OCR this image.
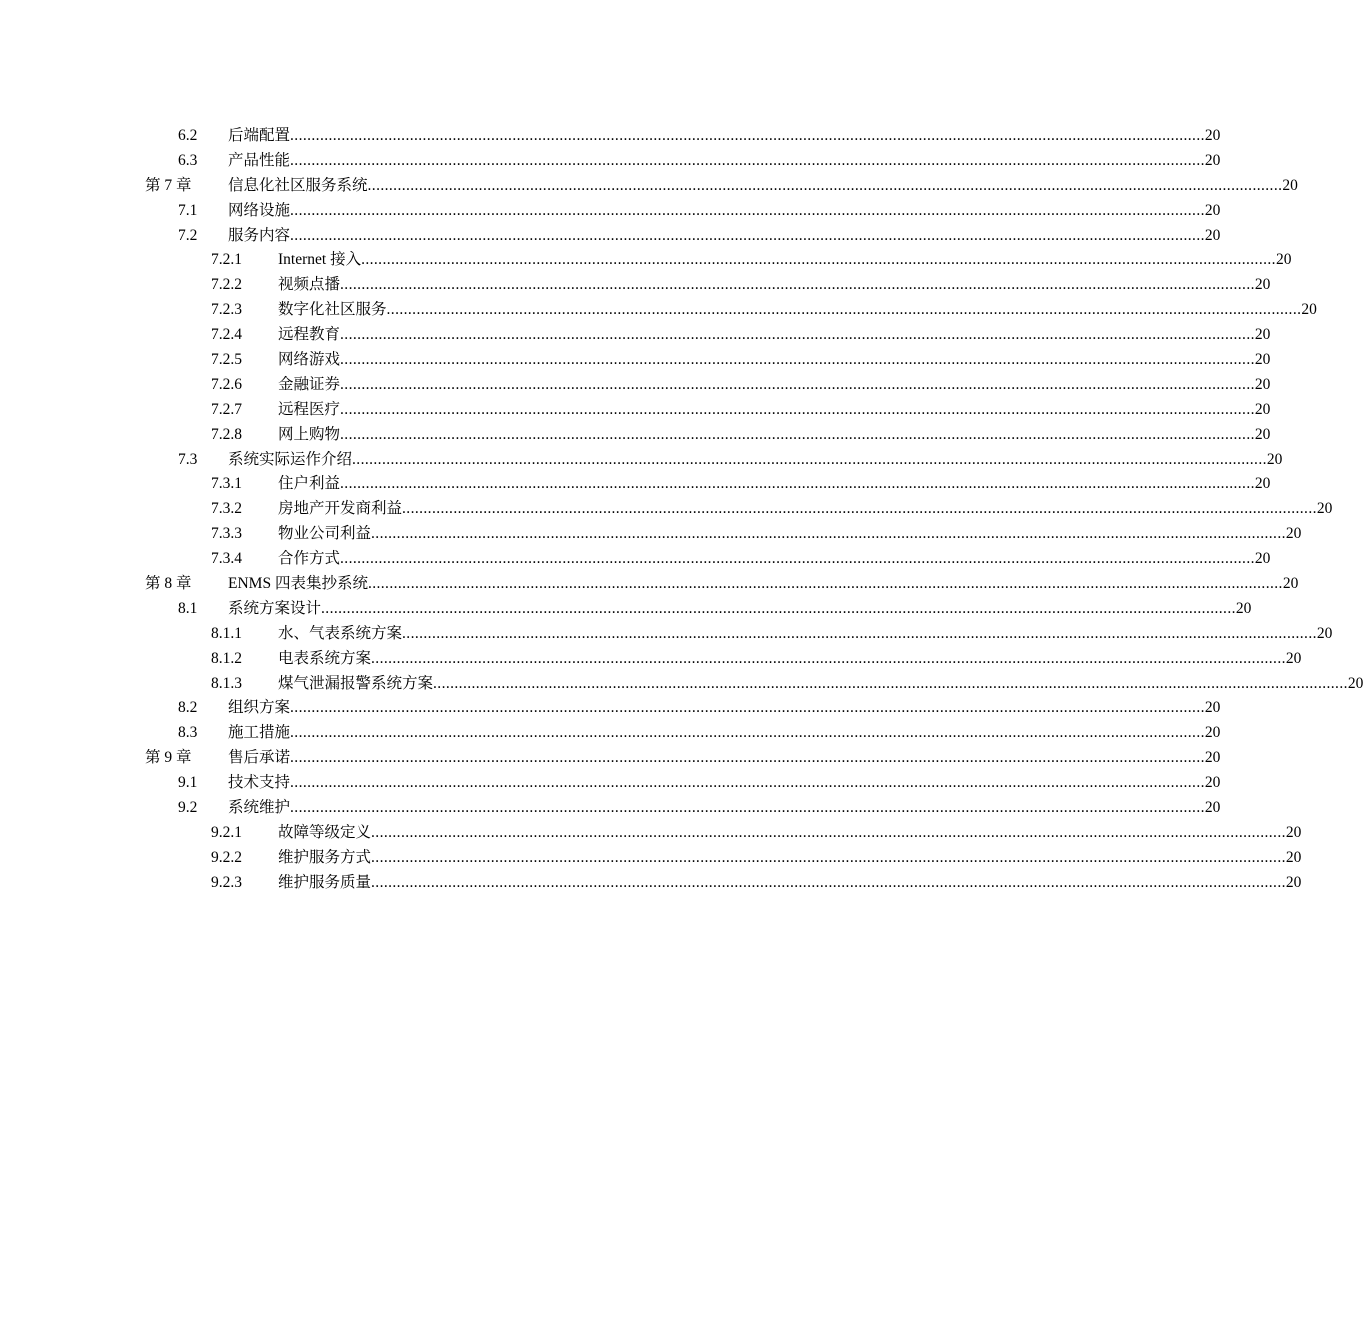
6.2 后端配置 ...................................................................................................................................................................................................................... 20
6.3 产品性能 ...................................................................................................................................................................................................................... 20
第 7 章 信息化社区服务系统 ...................................................................................................................................................................................................................... 20
7.1 网络设施 ...................................................................................................................................................................................................................... 20
7.2 服务内容 ...................................................................................................................................................................................................................... 20
7.2.1 Internet 接入 ...................................................................................................................................................................................................................... 20
7.2.2 视频点播 ...................................................................................................................................................................................................................... 20
7.2.3 数字化社区服务 ...................................................................................................................................................................................................................... 20
7.2.4 远程教育 ...................................................................................................................................................................................................................... 20
7.2.5 网络游戏 ...................................................................................................................................................................................................................... 20
7.2.6 金融证券 ...................................................................................................................................................................................................................... 20
7.2.7 远程医疗 ...................................................................................................................................................................................................................... 20
7.2.8 网上购物 ...................................................................................................................................................................................................................... 20
7.3 系统实际运作介绍 ...................................................................................................................................................................................................................... 20
7.3.1 住户利益 ...................................................................................................................................................................................................................... 20
7.3.2 房地产开发商利益 ...................................................................................................................................................................................................................... 20
7.3.3 物业公司利益 ...................................................................................................................................................................................................................... 20
7.3.4 合作方式 ...................................................................................................................................................................................................................... 20
第 8 章 ENMS 四表集抄系统 ...................................................................................................................................................................................................................... 20
8.1 系统方案设计 ...................................................................................................................................................................................................................... 20
8.1.1 水、气表系统方案 ...................................................................................................................................................................................................................... 20
8.1.2 电表系统方案 ...................................................................................................................................................................................................................... 20
8.1.3 煤气泄漏报警系统方案 ...................................................................................................................................................................................................................... 20
8.2 组织方案 ...................................................................................................................................................................................................................... 20
8.3 施工措施 ...................................................................................................................................................................................................................... 20
第 9 章 售后承诺 ...................................................................................................................................................................................................................... 20
9.1 技术支持 ...................................................................................................................................................................................................................... 20
9.2 系统维护 ...................................................................................................................................................................................................................... 20
9.2.1 故障等级定义 ...................................................................................................................................................................................................................... 20
9.2.2 维护服务方式 ...................................................................................................................................................................................................................... 20
9.2.3 维护服务质量 ...................................................................................................................................................................................................................... 20
